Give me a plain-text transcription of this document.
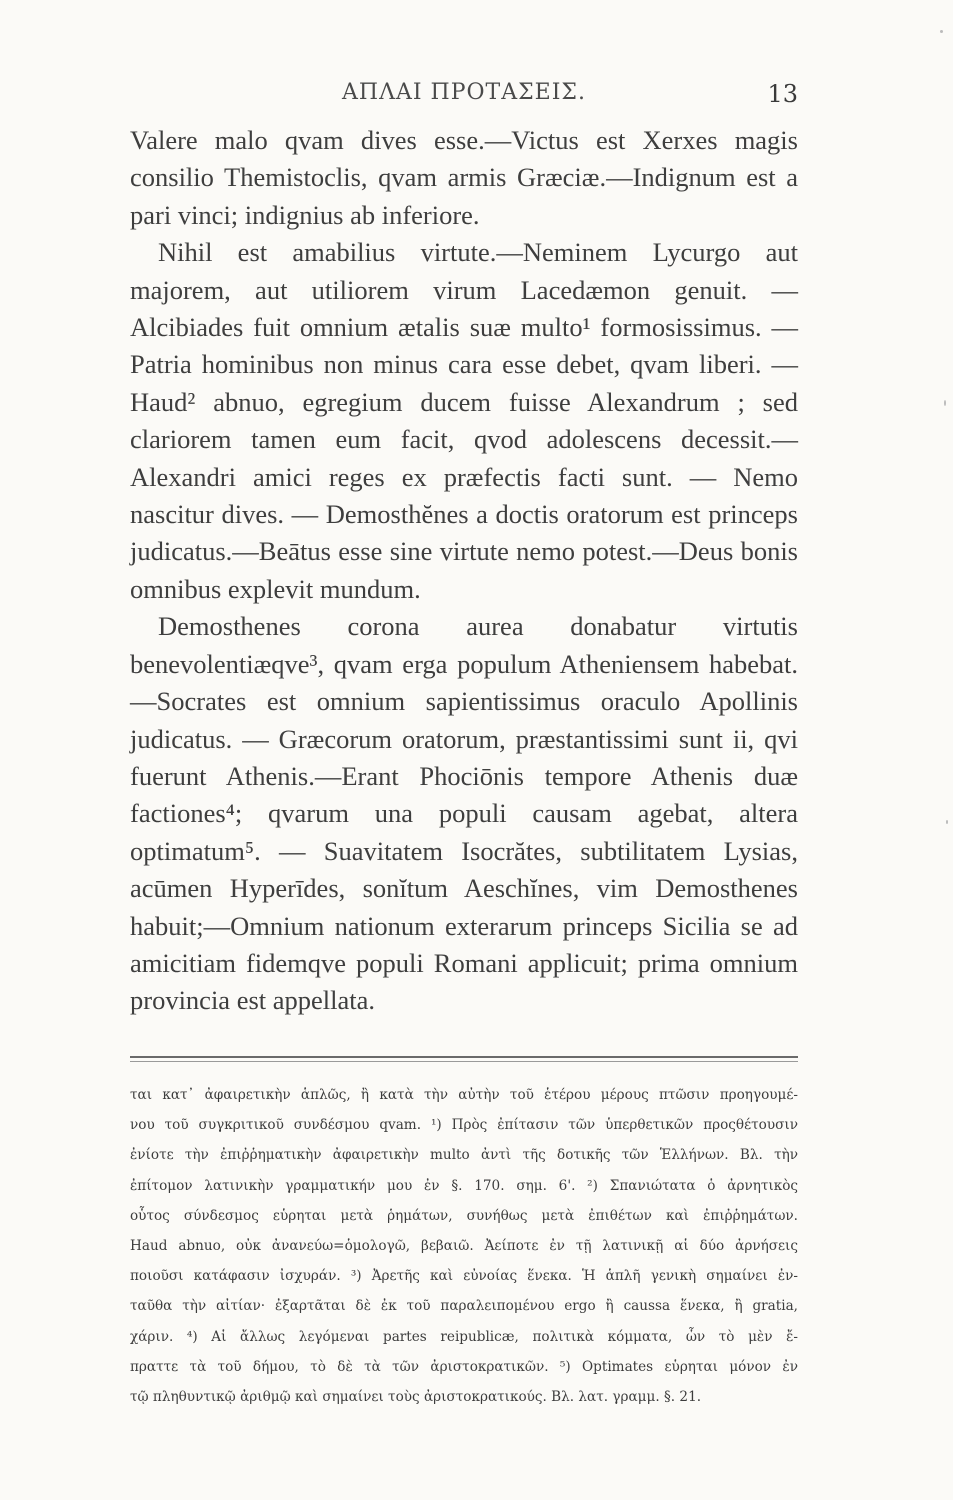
ΑΠΛΑΙ ΠΡΟΤΑΣΕΙΣ.	13

Valere malo qvam dives esse.—Victus est Xerxes magis consilio Themistoclis, qvam armis Græciæ.—Indignum est a pari vinci; indignius ab inferiore.

Nihil est amabilius virtute.—Neminem Lycurgo aut majorem, aut utiliorem virum Lacedæmon genuit. — Alcibiades fuit omnium ætalis suæ multo¹ formosissimus. — Patria hominibus non minus cara esse debet, qvam liberi. — Haud² abnuo, egregium ducem fuisse Alexandrum ; sed clariorem tamen eum facit, qvod adolescens decessit.—Alexandri amici reges ex præfectis facti sunt. — Nemo nascitur dives. — Demosthĕnes a doctis oratorum est princeps judicatus.—Beātus esse sine virtute nemo potest.—Deus bonis omnibus explevit mundum.

Demosthenes corona aurea donabatur virtutis benevolentiæqve³, qvam erga populum Atheniensem habebat.—Socrates est omnium sapientissimus oraculo Apollinis judicatus. — Græcorum oratorum, præstantissimi sunt ii, qvi fuerunt Athenis.—Erant Phociōnis tempore Athenis duæ factiones⁴; qvarum una populi causam agebat, altera optimatum⁵. — Suavitatem Isocrătes, subtilitatem Lysias, acūmen Hyperīdes, sonĭtum Aeschĭnes, vim Demosthenes habuit;—Omnium nationum exterarum princeps Sicilia se ad amicitiam fidemqve populi Romani applicuit; prima omnium provincia est appellata.

ται κατ᾽ ἀφαιρετικὴν ἁπλῶς, ἢ κατὰ τὴν αὐτὴν τοῦ ἑτέρου μέρους πτῶσιν προηγουμέ-
νου τοῦ συγκριτικοῦ συνδέσμου qvam. ¹) Πρὸς ἐπίτασιν τῶν ὑπερθετικῶν προςθέτουσιν
ἐνίοτε τὴν ἐπιῤῥηματικὴν ἀφαιρετικὴν multo ἀντὶ τῆς δοτικῆς τῶν Ἑλλήνων. Βλ. τὴν
ἐπίτομον λατινικὴν γραμματικήν μου ἐν §. 170. σημ. 6'. ²) Σπανιώτατα ὁ ἀρνητικὸς
οὗτος σύνδεσμος εὑρηται μετὰ ῥημάτων, συνήθως μετὰ ἐπιθέτων καὶ ἐπιῤῥημάτων.
Haud abnuo, οὐκ ἀνανεύω=ὁμολογῶ, βεβαιῶ. Ἀείποτε ἐν τῇ λατινικῇ αἱ δύο ἀρνήσεις
ποιοῦσι κατάφασιν ἰσχυράν. ³) Ἀρετῆς καὶ εὐνοίας ἕνεκα. Ἡ ἁπλῆ γενικὴ σημαίνει ἐν-
ταῦθα τὴν αἰτίαν· ἐξαρτᾶται δὲ ἐκ τοῦ παραλειπομένου ergo ἢ caussa ἕνεκα, ἢ gratia,
χάριν. ⁴) Αἱ ἄλλως λεγόμεναι partes reipublicæ, πολιτικὰ κόμματα, ὧν τὸ μὲν ἔ-
πραττε τὰ τοῦ δήμου, τὸ δὲ τὰ τῶν ἀριστοκρατικῶν. ⁵) Optimates εὑρηται μόνον ἐν
τῷ πληθυντικῷ ἀριθμῷ καὶ σημαίνει τοὺς ἀριστοκρατικούς. Βλ. λατ. γραμμ. §. 21.
